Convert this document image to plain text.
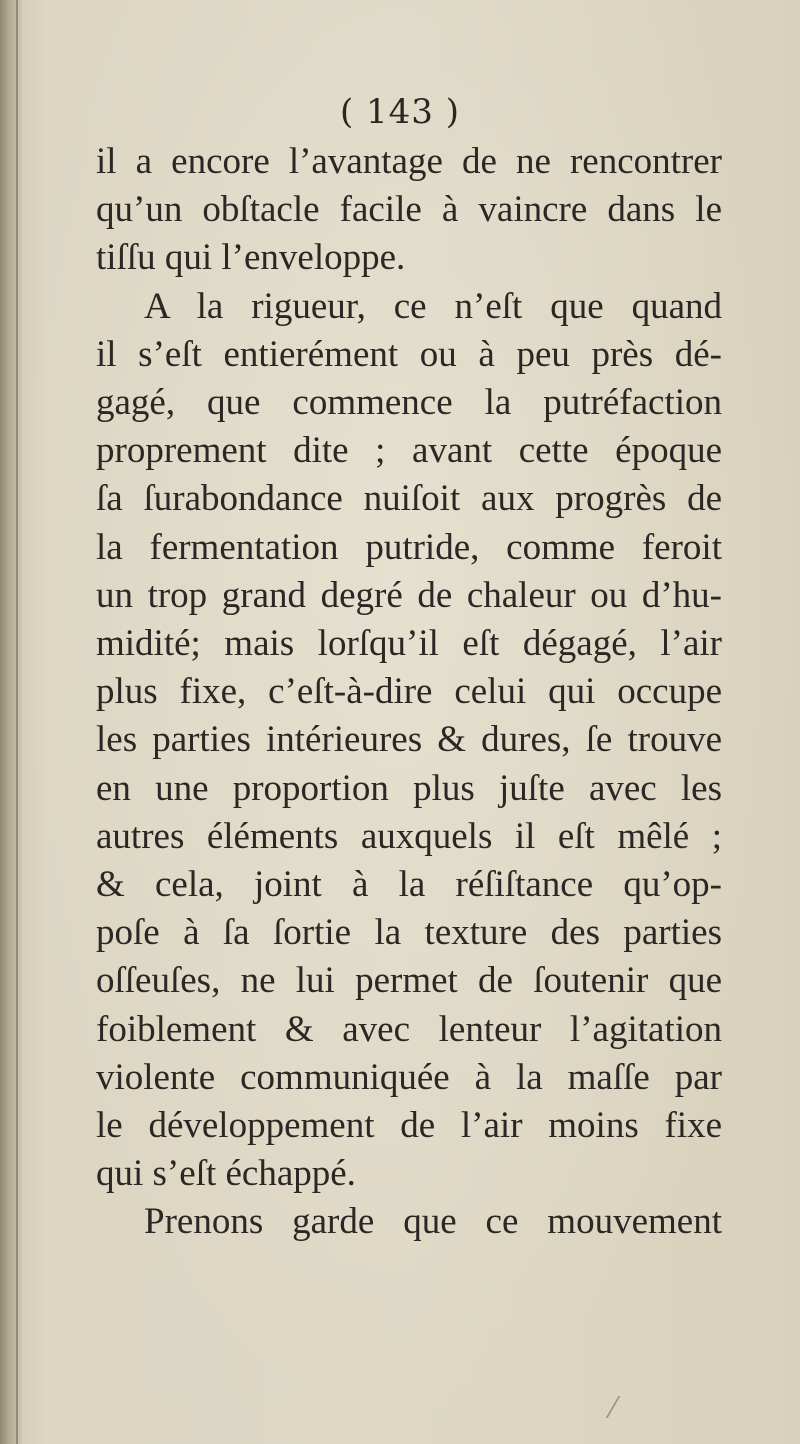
( 143 )
il a encore l’avantage de ne rencontrer
qu’un obſtacle facile à vaincre dans le
tiſſu qui l’enveloppe.
A la rigueur, ce n’eſt que quand
il s’eſt entierément ou à peu près dé-
gagé, que commence la putréfaction
proprement dite ; avant cette époque
ſa ſurabondance nuiſoit aux progrès de
la fermentation putride, comme feroit
un trop grand degré de chaleur ou d’hu-
midité; mais lorſqu’il eſt dégagé, l’air
plus fixe, c’eſt-à-dire celui qui occupe
les parties intérieures & dures, ſe trouve
en une proportion plus juſte avec les
autres éléments auxquels il eſt mêlé ;
& cela, joint à la réſiſtance qu’op-
poſe à ſa ſortie la texture des parties
oſſeuſes, ne lui permet de ſoutenir que
foiblement & avec lenteur l’agitation
violente communiquée à la maſſe par
le développement de l’air moins fixe
qui s’eſt échappé.
Prenons garde que ce mouvement
